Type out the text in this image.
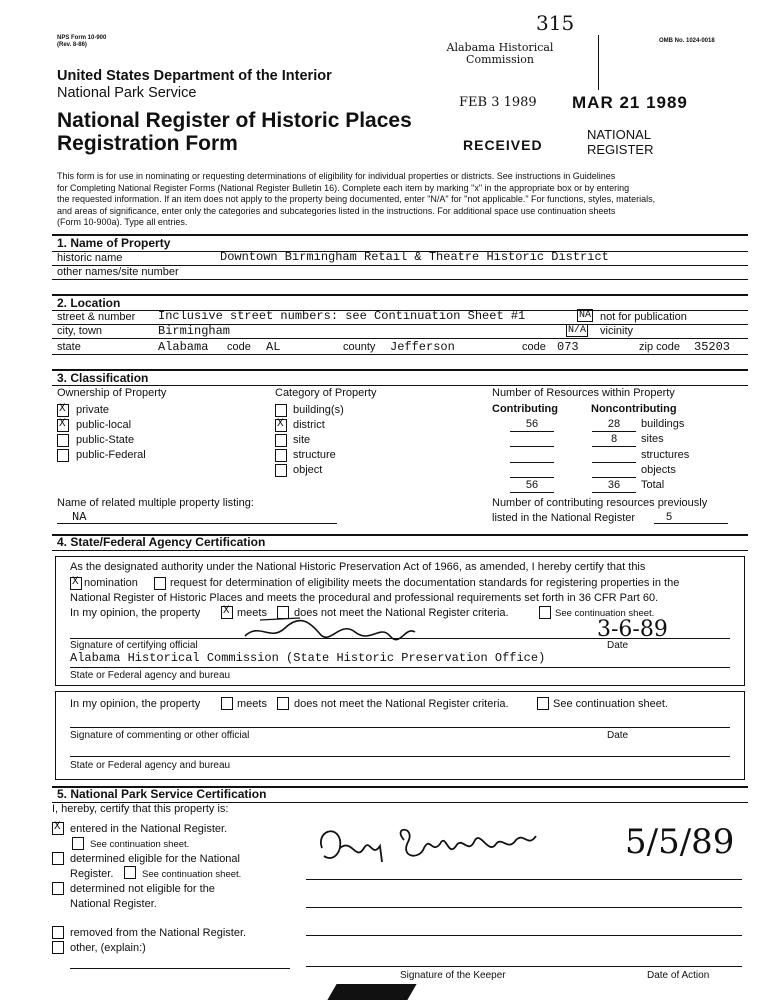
NPS Form 10-900
(Rev. 8-86)
OMB No. 1024-0018
315
Alabama Historical Commission
United States Department of the Interior
National Park Service
FEB 3 1989 MAR 21 1989
National Register of Historic Places
Registration Form	RECEIVED
NATIONAL
REGISTER
This form is for use in nominating or requesting determinations of eligibility for individual properties or districts. See instructions in Guidelines
for Completing National Register Forms (National Register Bulletin 16). Complete each item by marking "x" in the appropriate box or by entering
the requested information. If an item does not apply to the property being documented, enter "N/A" for "not applicable." For functions, styles, materials,
and areas of significance, enter only the categories and subcategories listed in the instructions. For additional space use continuation sheets
(Form 10-900a). Type all entries.
1. Name of Property
historic name	Downtown Birmingham Retail & Theatre Historic District
other names/site number
2. Location
street & number Inclusive street numbers: see Continuation Sheet #1	NA not for publication
city, town	Birmingham	N/A vicinity
state	Alabama code AL	county Jefferson	code 073	zip code 35203
3. Classification
Ownership of Property
X
private
X
public-local
public-State
public-Federal
Category of Property
building(s)
X
district
site
structure
object
Number of Resources within Property
Contributing	Noncontributing
56	28	buildings
8	sites
structures
objects
56	36	Total
Name of related multiple property listing:
NA
Number of contributing resources previously
listed in the National Register	5
4. State/Federal Agency Certification
As the designated authority under the National Historic Preservation Act of 1966, as amended, I hereby certify that this
X
nomination	request for determination of eligibility meets the documentation standards for registering properties in the
National Register of Historic Places and meets the procedural and professional requirements set forth in 36 CFR Part 60.
In my opinion, the property
X	meets does not meet the National Register criteria.	See continuation sheet.
3-6-89
Signature of certifying official	Date
Alabama Historical Commission (State Historic Preservation Office)
State or Federal agency and bureau
In my opinion, the property	meets does not meet the National Register criteria.	See continuation sheet.
Signature of commenting or other official	Date
State or Federal agency and bureau
5. National Park Service Certification
I, hereby, certify that this property is:
X
entered in the National Register.
See continuation sheet.
determined eligible for the National
Register.	See continuation sheet.
determined not eligible for the
National Register.
removed from the National Register.
other, (explain:)
5/5/89
Signature of the Keeper	Date of Action
